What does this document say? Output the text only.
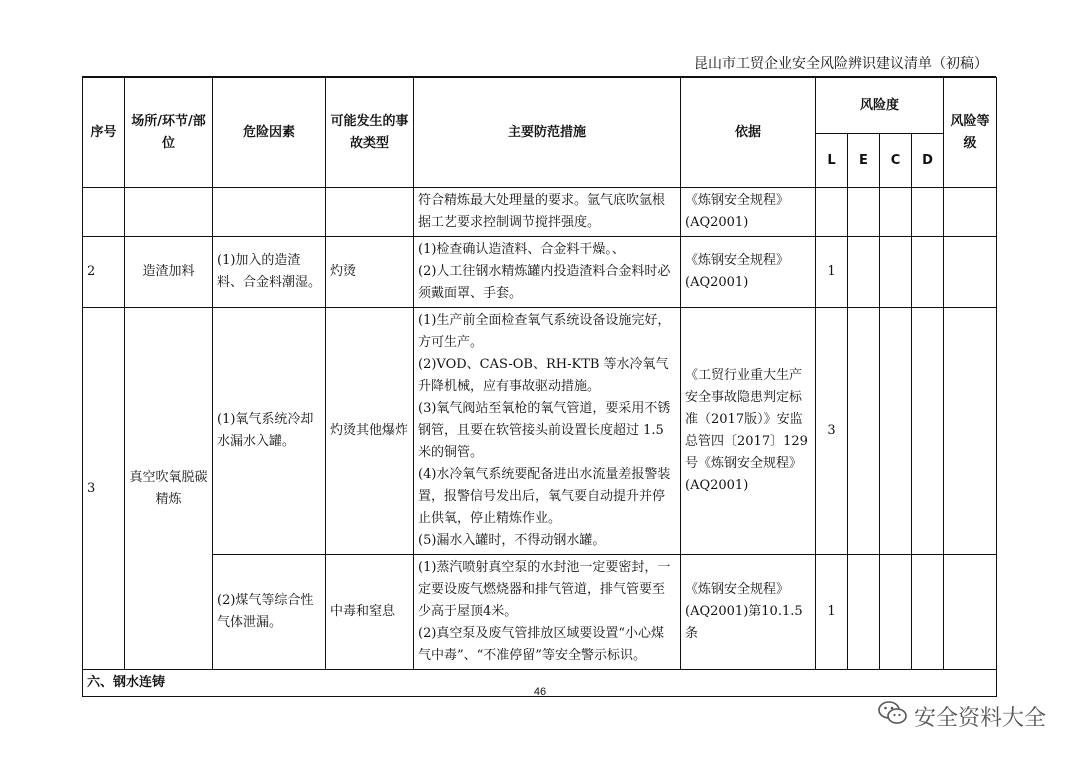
昆山市工贸企业安全风险辨识建议清单（初稿）
序号	场所/环节/部位	危险因素	可能发生的事故类型	主要防范措施	依据	风险度				风险等级
						L	E	C	D	

				符合精炼最大处理量的要求。氩气底吹氩根据工艺要求控制调节搅拌强度。	《炼钢安全规程》(AQ2001)					
2	造渣加料	(1)加入的造渣料、合金料潮湿。	灼烫	(1)检查确认造渣料、合金料干燥。、
(2)人工往钢水精炼罐内投造渣料合金料时必须戴面罩、手套。	《炼钢安全规程》(AQ2001)	1				
3	真空吹氧脱碳精炼	(1)氧气系统冷却水漏水入罐。	灼烫其他爆炸	(1)生产前全面检查氧气系统设备设施完好，方可生产。
(2)VOD、CAS-OB、RH-KTB 等水冷氧气升降机械，应有事故驱动措施。
(3)氧气阀站至氧枪的氧气管道，要采用不锈钢管，且要在软管接头前设置长度超过 1.5 米的铜管。
(4)水冷氧气系统要配备进出水流量差报警装置，报警信号发出后，氧气要自动提升并停止供氧，停止精炼作业。
(5)漏水入罐时，不得动钢水罐。	《工贸行业重大生产安全事故隐患判定标准（2017版）》安监总管四〔2017〕129号《炼钢安全规程》(AQ2001)	3				
		(2)煤气等综合性气体泄漏。	中毒和窒息	(1)蒸汽喷射真空泵的水封池一定要密封，一定要设废气燃烧器和排气管道，排气管要至少高于屋顶4米。
(2)真空泵及废气管排放区域要设置“小心煤气中毒”、“不准停留”等安全警示标识。	《炼钢安全规程》(AQ2001)第10.1.5条	1				
六、钢水连铸										
46
安全资料大全
